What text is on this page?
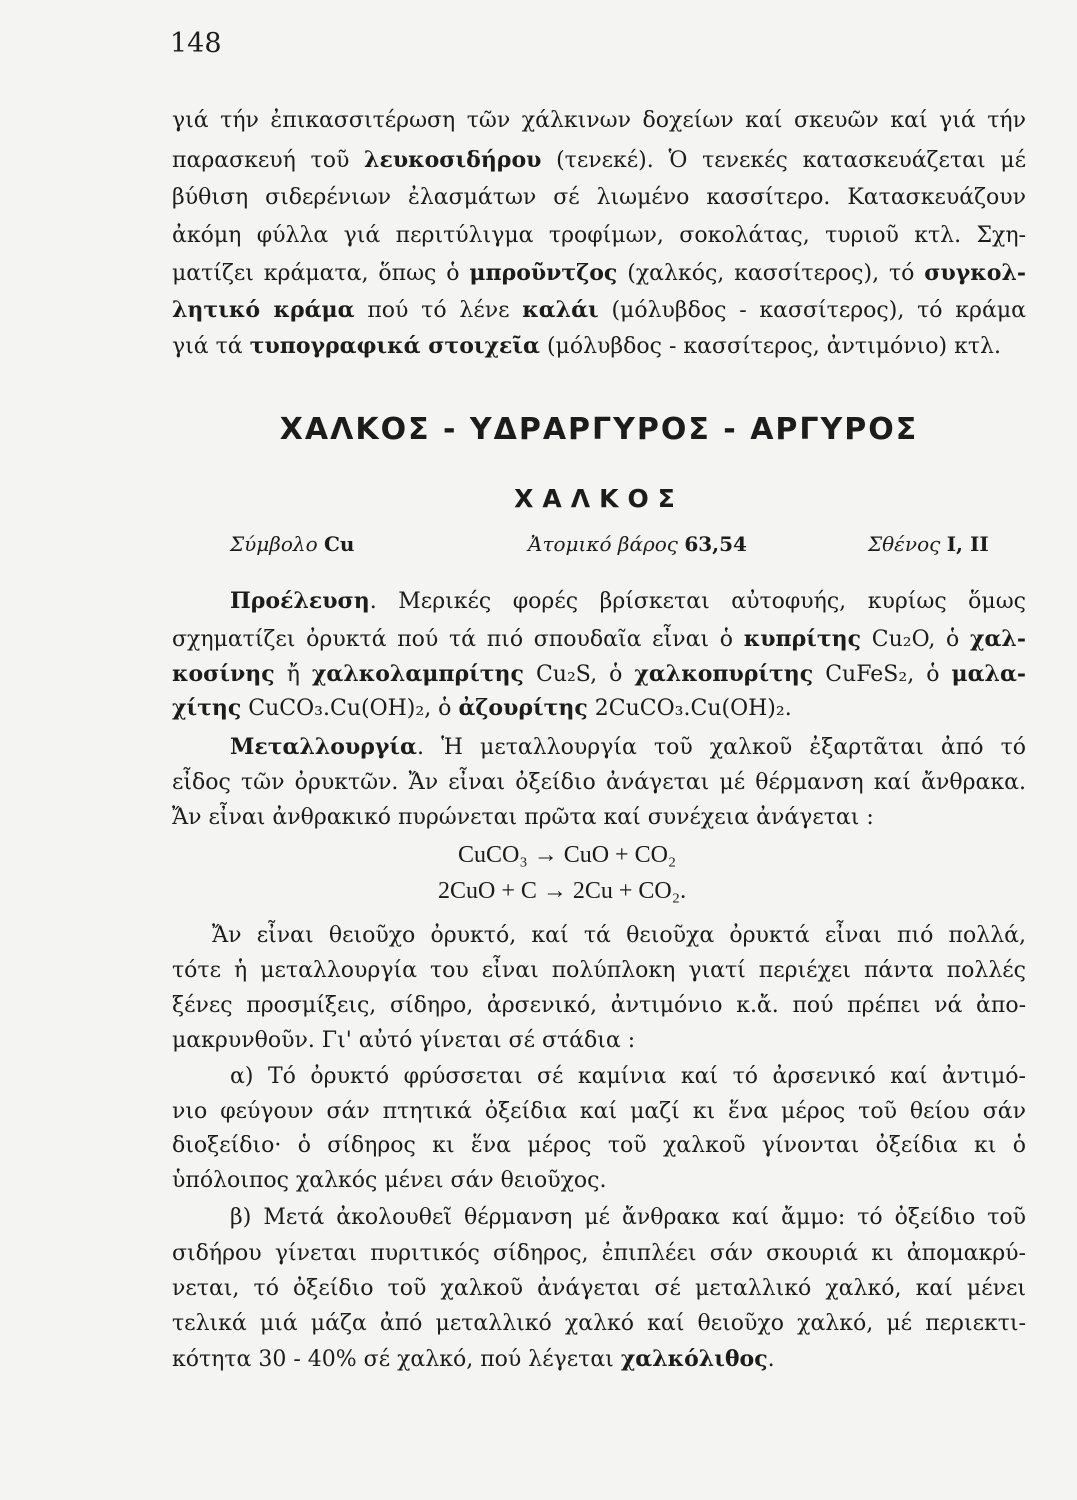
148
γιά τήν ἐπικασσιτέρωση τῶν χάλκινων δοχείων καί σκευῶν καί γιά τήν
παρασκευή τοῦ λευκοσιδήρου (τενεκέ). Ὁ τενεκές κατασκευάζεται μέ
βύθιση σιδερένιων ἐλασμάτων σέ λιωμένο κασσίτερο. Κατασκευάζουν
ἀκόμη φύλλα γιά περιτύλιγμα τροφίμων, σοκολάτας, τυριοῦ κτλ. Σχη-
ματίζει κράματα, ὅπως ὁ μπροῦντζος (χαλκός, κασσίτερος), τό συγκολ-
λητικό κράμα πού τό λένε καλάι (μόλυβδος - κασσίτερος), τό κράμα
γιά τά τυπογραφικά στοιχεῖα (μόλυβδος - κασσίτερος, ἀντιμόνιο) κτλ.
ΧΑΛΚΟΣ - ΥΔΡΑΡΓΥΡΟΣ - ΑΡΓΥΡΟΣ
ΧΑΛΚΟΣ
Σύμβολο Cu	Ἀτομικό βάρος 63,54	Σθένος I, II
Προέλευση. Μερικές φορές βρίσκεται αὐτοφυής, κυρίως ὅμως
σχηματίζει ὀρυκτά πού τά πιό σπουδαῖα εἶναι ὁ κυπρίτης Cu₂O, ὁ χαλ-
κοσίνης ἤ χαλκολαμπρίτης Cu₂S, ὁ χαλκοπυρίτης CuFeS₂, ὁ μαλα-
χίτης CuCO₃.Cu(OH)₂, ὁ ἀζουρίτης 2CuCO₃.Cu(OH)₂.
Μεταλλουργία. Ἡ μεταλλουργία τοῦ χαλκοῦ ἐξαρτᾶται ἀπό τό
εἶδος τῶν ὀρυκτῶν. Ἄν εἶναι ὀξείδιο ἀνάγεται μέ θέρμανση καί ἄνθρακα.
Ἄν εἶναι ἀνθρακικό πυρώνεται πρῶτα καί συνέχεια ἀνάγεται :
CuCO₃ → CuO + CO₂
2CuO + C → 2Cu + CO₂.
Ἄν εἶναι θειοῦχο ὀρυκτό, καί τά θειοῦχα ὀρυκτά εἶναι πιό πολλά,
τότε ἡ μεταλλουργία του εἶναι πολύπλοκη γιατί περιέχει πάντα πολλές
ξένες προσμίξεις, σίδηρο, ἀρσενικό, ἀντιμόνιο κ.ἄ. πού πρέπει νά ἀπο-
μακρυνθοῦν. Γι' αὐτό γίνεται σέ στάδια :
α) Τό ὀρυκτό φρύσσεται σέ καμίνια καί τό ἀρσενικό καί ἀντιμό-
νιο φεύγουν σάν πτητικά ὀξείδια καί μαζί κι ἕνα μέρος τοῦ θείου σάν
διοξείδιο· ὁ σίδηρος κι ἕνα μέρος τοῦ χαλκοῦ γίνονται ὀξείδια κι ὁ
ὑπόλοιπος χαλκός μένει σάν θειοῦχος.
β) Μετά ἀκολουθεῖ θέρμανση μέ ἄνθρακα καί ἄμμο: τό ὀξείδιο τοῦ
σιδήρου γίνεται πυριτικός σίδηρος, ἐπιπλέει σάν σκουριά κι ἀπομακρύ-
νεται, τό ὀξείδιο τοῦ χαλκοῦ ἀνάγεται σέ μεταλλικό χαλκό, καί μένει
τελικά μιά μάζα ἀπό μεταλλικό χαλκό καί θειοῦχο χαλκό, μέ περιεκτι-
κότητα 30 - 40% σέ χαλκό, πού λέγεται χαλκόλιθος.
